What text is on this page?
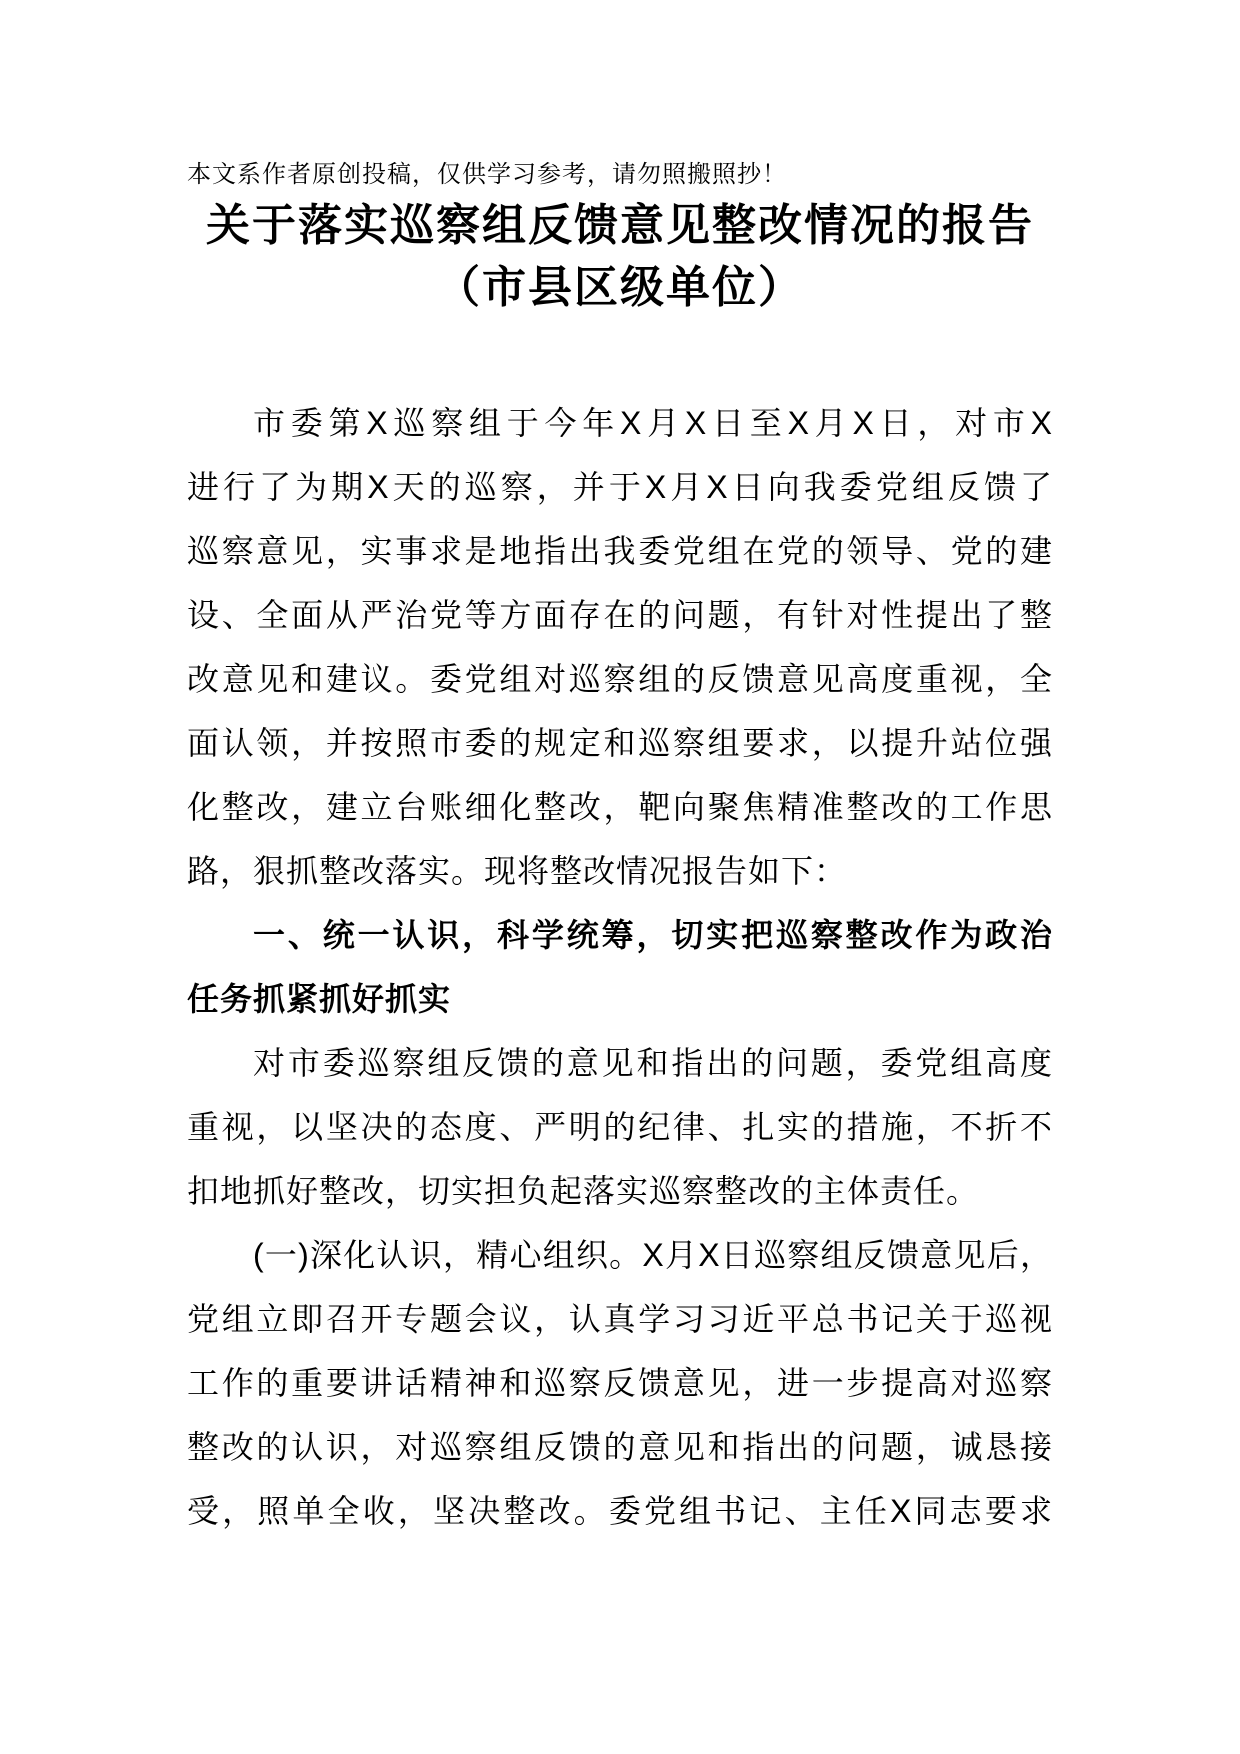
本文系作者原创投稿，仅供学习参考，请勿照搬照抄！
关于落实巡察组反馈意见整改情况的报告
（市县区级单位）
市委第X巡察组于今年X月X日至X月X日，对市X
进行了为期X天的巡察，并于X月X日向我委党组反馈了
巡察意见，实事求是地指出我委党组在党的领导、党的建
设、全面从严治党等方面存在的问题，有针对性提出了整
改意见和建议。委党组对巡察组的反馈意见高度重视，全
面认领，并按照市委的规定和巡察组要求，以提升站位强
化整改，建立台账细化整改，靶向聚焦精准整改的工作思
路，狠抓整改落实。现将整改情况报告如下：
一、统一认识，科学统筹，切实把巡察整改作为政治
任务抓紧抓好抓实
对市委巡察组反馈的意见和指出的问题，委党组高度
重视，以坚决的态度、严明的纪律、扎实的措施，不折不
扣地抓好整改，切实担负起落实巡察整改的主体责任。
(一)深化认识，精心组织。X月X日巡察组反馈意见后，
党组立即召开专题会议，认真学习习近平总书记关于巡视
工作的重要讲话精神和巡察反馈意见，进一步提高对巡察
整改的认识，对巡察组反馈的意见和指出的问题，诚恳接
受，照单全收，坚决整改。委党组书记、主任X同志要求
